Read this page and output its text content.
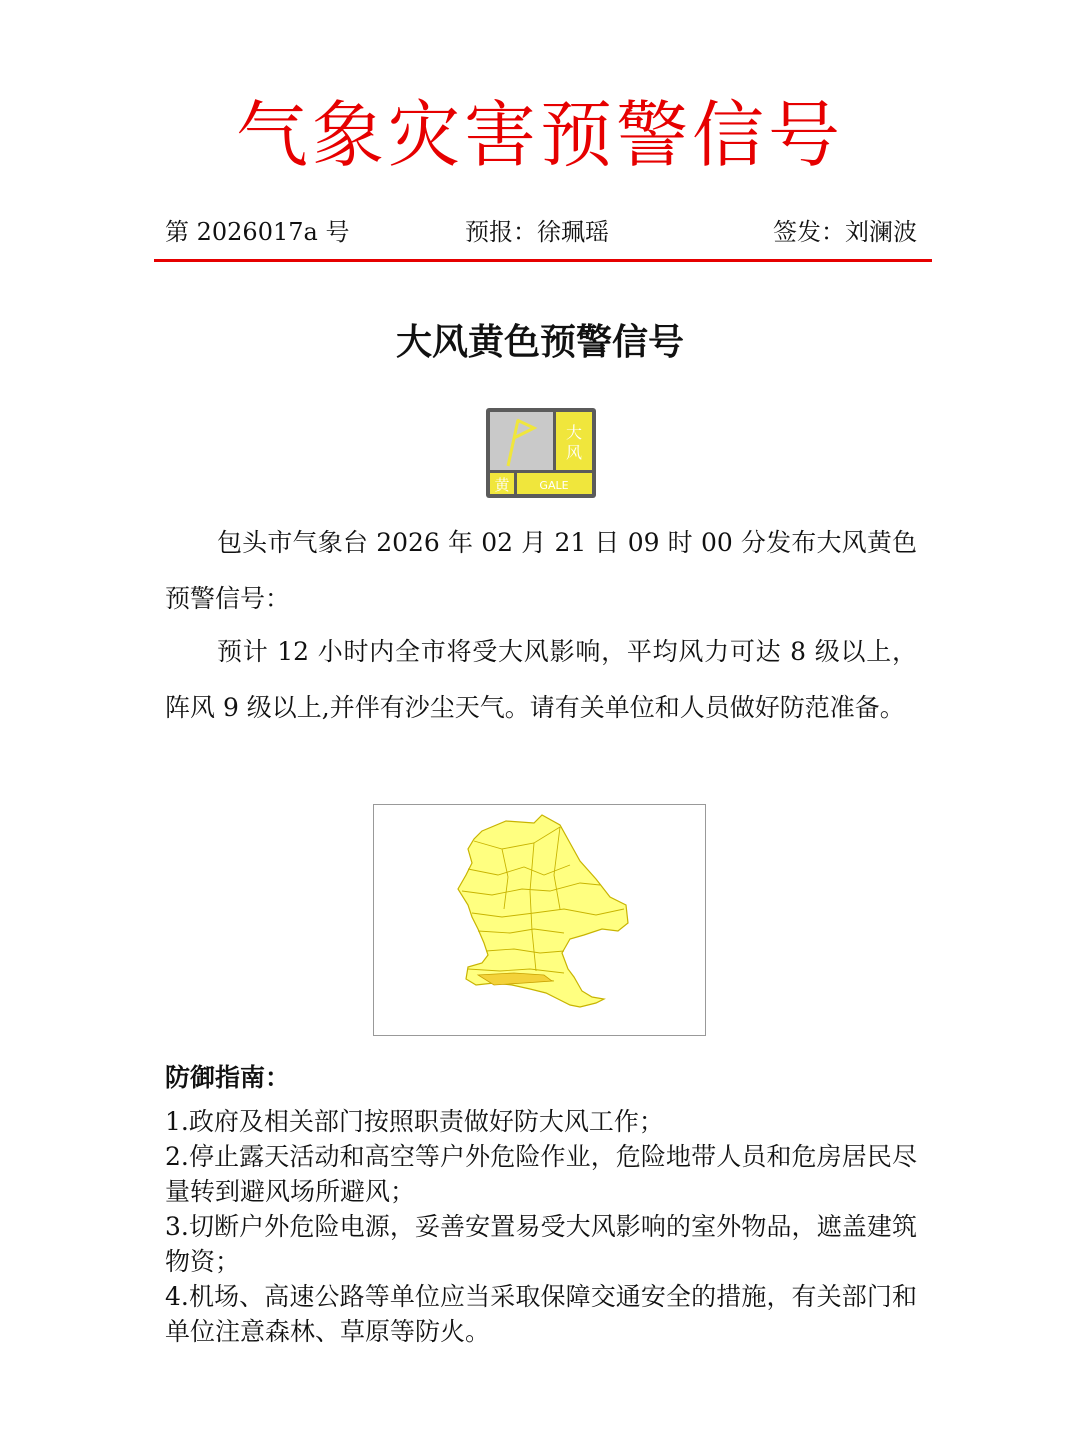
气象灾害预警信号
第 2026017a 号	预报：徐珮瑶	签发：刘澜波
大风黄色预警信号
大
风
黄	GALE

包头市气象台 2026 年 02 月 21 日 09 时 00 分发布大风黄色预警信号：

预计 12 小时内全市将受大风影响，平均风力可达 8 级以上，阵风 9 级以上,并伴有沙尘天气。请有关单位和人员做好防范准备。

防御指南：
1.政府及相关部门按照职责做好防大风工作；
2.停止露天活动和高空等户外危险作业，危险地带人员和危房居民尽量转到避风场所避风；
3.切断户外危险电源，妥善安置易受大风影响的室外物品，遮盖建筑物资；
4.机场、高速公路等单位应当采取保障交通安全的措施，有关部门和单位注意森林、草原等防火。
